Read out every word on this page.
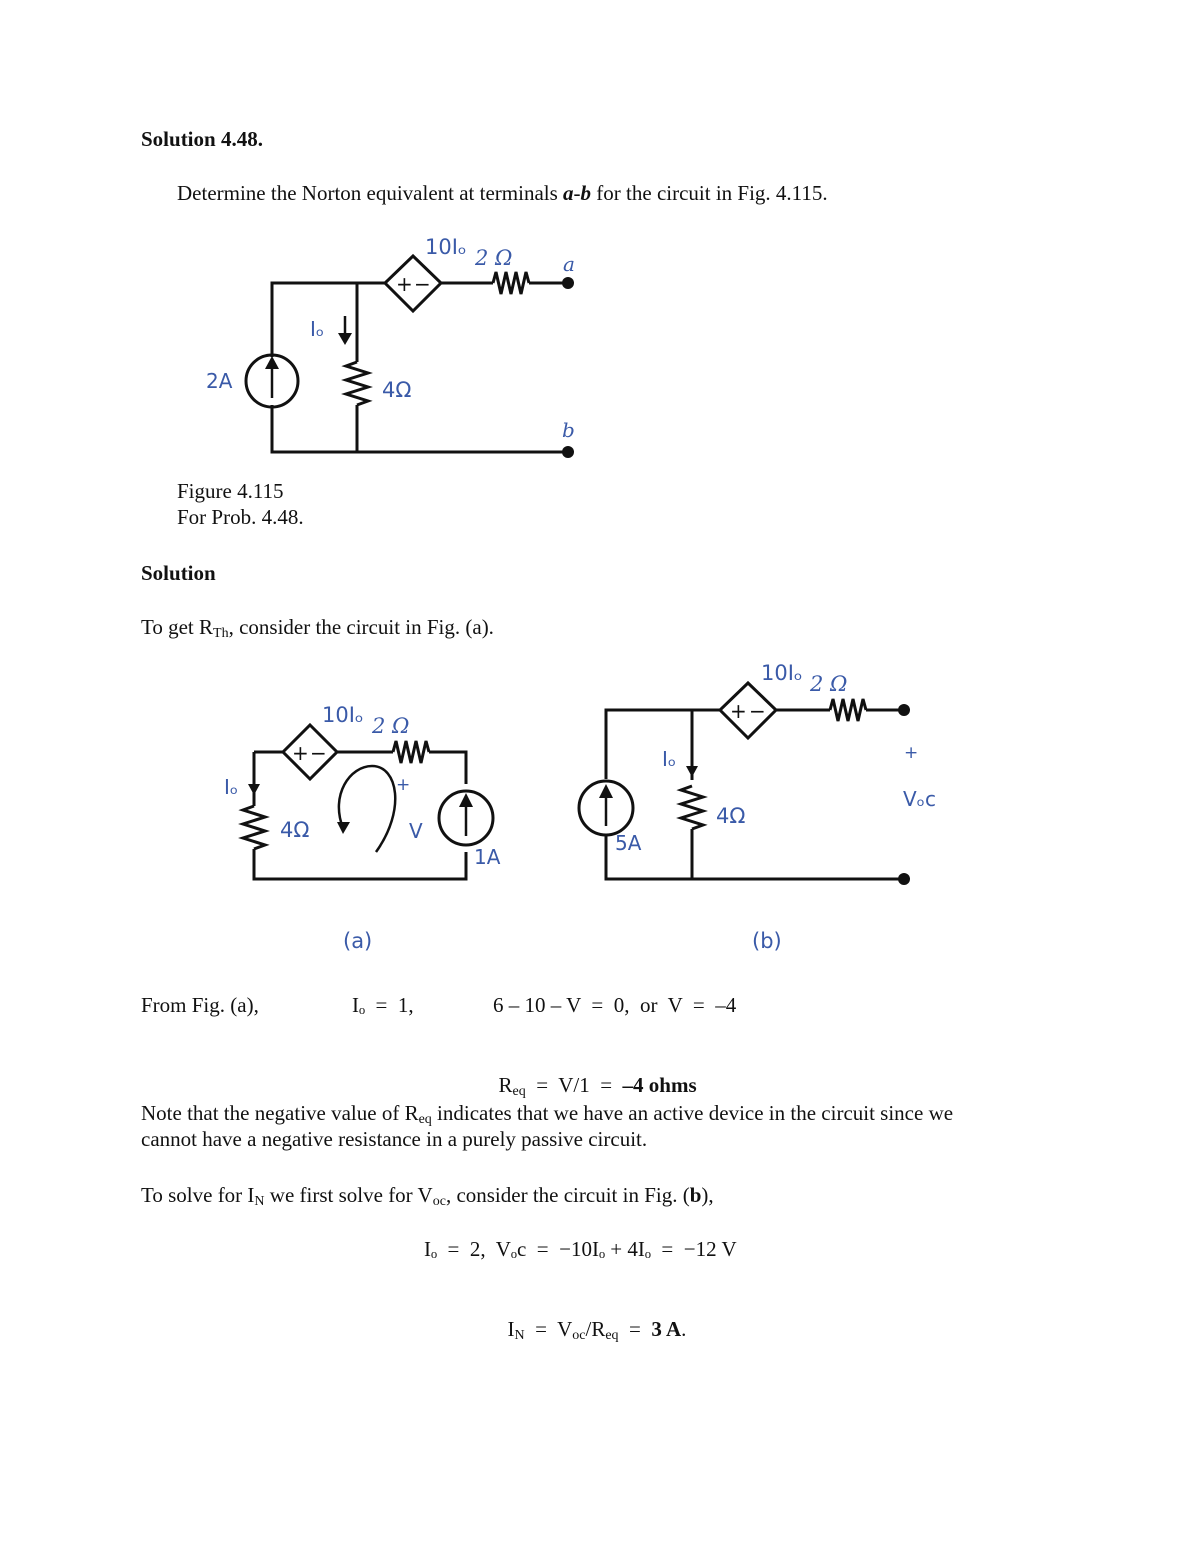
Solution 4.48.
Determine the Norton equivalent at terminals a-b for the circuit in Fig. 4.115.
+ −
10Iₒ 2 Ω	a
b
Iₒ
2A	4Ω
Figure 4.115
For Prob. 4.48.
Solution
To get $R_{Th}$, consider the circuit in Fig. (a).
+ −
10Iₒ 2 Ω
Iₒ
4Ω
+
V
1A
(a)
+ −
10Iₒ 2 Ω
Iₒ
4Ω
5A
+
Vₒc
(b)
From Fig. (a),	Iₒ  =  1,	6 – 10 – V  =  0,  or  V  =  –4

$R_{eq} = V/1 = -4$ ohms

Note that the negative value of $R_{eq}$ indicates that we have an active device in the circuit since we
cannot have a negative resistance in a purely passive circuit.
To solve for $I_N$ we first solve for $V_{oc}$, consider the circuit in Fig. (b),
Iₒ  =  2,  Vₒc  =  −10Iₒ + 4Iₒ  =  −12 V

$I_N = V_{oc}/R_{eq} = 3$ A.
